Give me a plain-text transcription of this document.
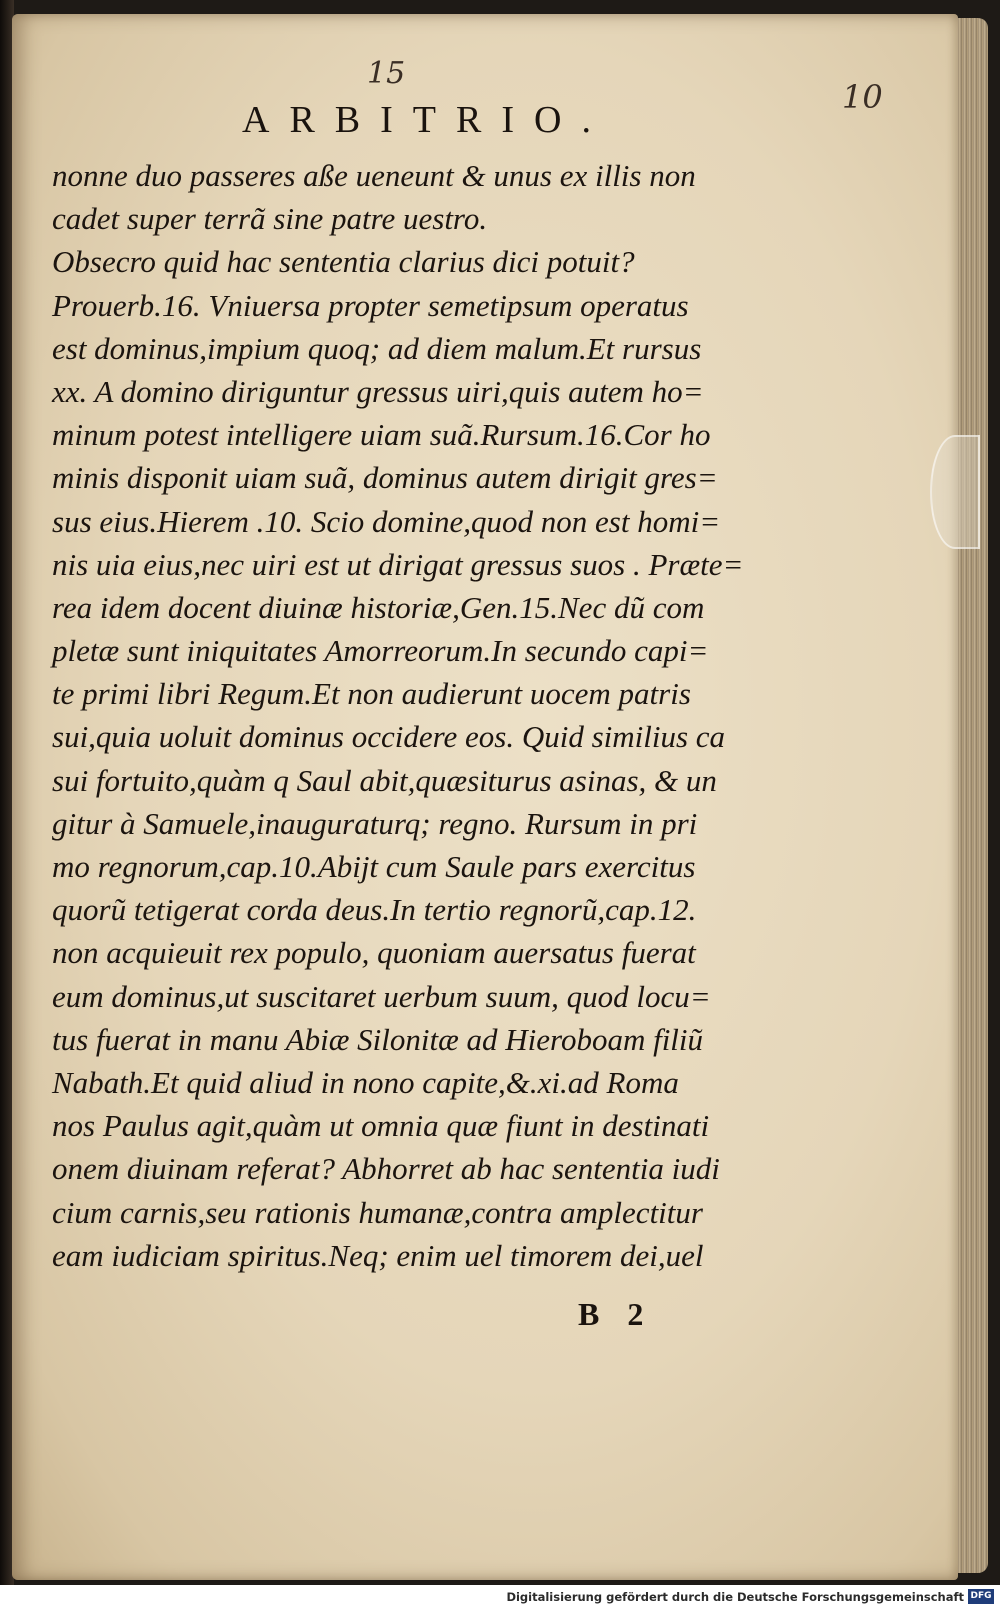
15
10
ARBITRIO.
nonne duo passeres aße ueneunt & unus ex illis non
cadet super terrã sine patre uestro.
Obsecro quid hac sententia clarius dici potuit?
Prouerb.16. Vniuersa propter semetipsum operatus
est dominus,impium quoq; ad diem malum.Et rursus
xx. A domino diriguntur gressus uiri,quis autem ho=
minum potest intelligere uiam suã.Rursum.16.Cor ho
minis disponit uiam suã, dominus autem dirigit gres=
sus eius.Hierem .10. Scio domine,quod non est homi=
nis uia eius,nec uiri est ut dirigat gressus suos . Præte=
rea idem docent diuinæ historiæ,Gen.15.Nec dũ com
pletæ sunt iniquitates Amorreorum.In secundo capi=
te primi libri Regum.Et non audierunt uocem patris
sui,quia uoluit dominus occidere eos. Quid similius ca
sui fortuito,quàm q Saul abit,quæsiturus asinas, & un
gitur à Samuele,inauguraturq; regno. Rursum in pri
mo regnorum,cap.10.Abijt cum Saule pars exercitus
quorũ tetigerat corda deus.In tertio regnorũ,cap.12.
non acquieuit rex populo, quoniam auersatus fuerat
eum dominus,ut suscitaret uerbum suum, quod locu=
tus fuerat in manu Abiæ Silonitæ ad Hieroboam filiũ
Nabath.Et quid aliud in nono capite,&.xi.ad Roma
nos Paulus agit,quàm ut omnia quæ fiunt in destinati
onem diuinam referat? Abhorret ab hac sententia iudi
cium carnis,seu rationis humanæ,contra amplectitur
eam iudiciam spiritus.Neq; enim uel timorem dei,uel
B 2
Digitalisierung gefördert durch die Deutsche Forschungsgemeinschaft DFG
